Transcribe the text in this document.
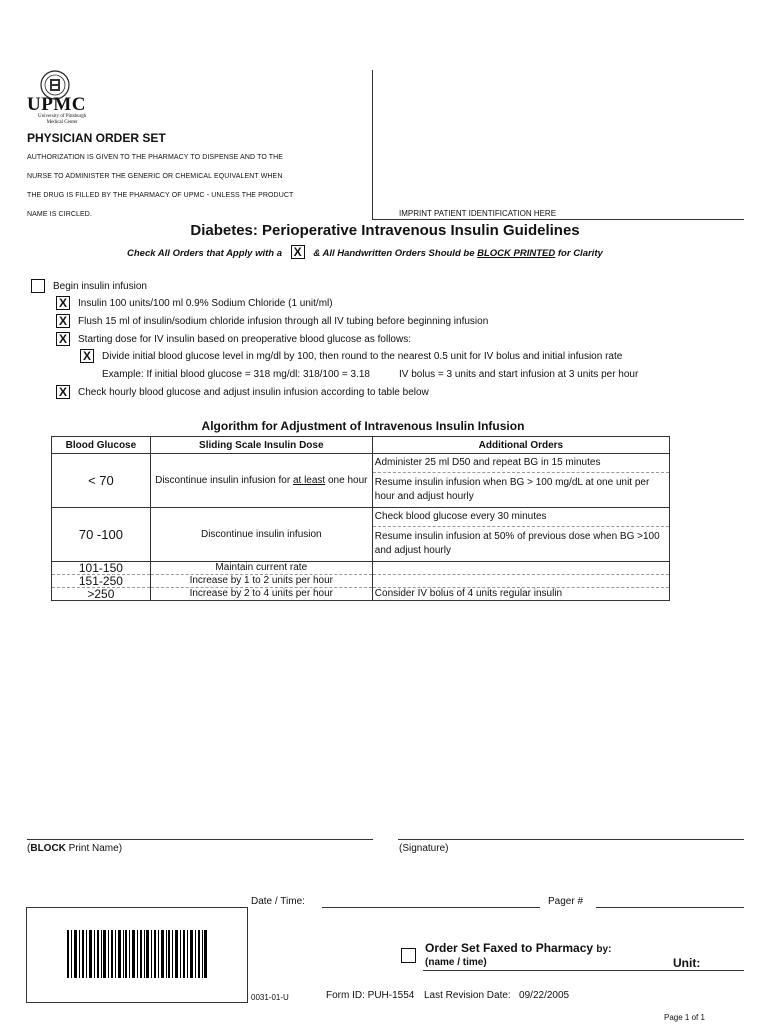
UPMC
University of Pittsburgh
Medical Center
PHYSICIAN ORDER SET
AUTHORIZATION IS GIVEN TO THE PHARMACY TO DISPENSE AND TO THE
NURSE TO ADMINISTER THE GENERIC OR CHEMICAL EQUIVALENT WHEN
THE DRUG IS FILLED BY THE PHARMACY OF UPMC - UNLESS THE PRODUCT
NAME IS CIRCLED.	IMPRINT PATIENT IDENTIFICATION HERE
Diabetes: Perioperative Intravenous Insulin Guidelines
Check All Orders that Apply with a X & All Handwritten Orders Should be BLOCK PRINTED for Clarity
Begin insulin infusion
X	Insulin 100 units/100 ml 0.9% Sodium Chloride (1 unit/ml)
X	Flush 15 ml of insulin/sodium chloride infusion through all IV tubing before beginning infusion
X	Starting dose for IV insulin based on preoperative blood glucose as follows:
X	Divide initial blood glucose level in mg/dl by 100, then round to the nearest 0.5 unit for IV bolus and initial infusion rate
Example: If initial blood glucose = 318 mg/dl: 318/100 = 3.18	IV bolus = 3 units and start infusion at 3 units per hour
X	Check hourly blood glucose and adjust insulin infusion according to table below
Algorithm for Adjustment of Intravenous Insulin Infusion
Blood Glucose	Sliding Scale Insulin Dose	Additional Orders
< 70	Discontinue insulin infusion for at least one hour	Administer 25 ml D50 and repeat BG in 15 minutes
Resume insulin infusion when BG > 100 mg/dL at one unit per hour and adjust hourly

70 -100	Discontinue insulin infusion	Check blood glucose every 30 minutes
Resume insulin infusion at 50% of previous dose when BG >100 and adjust hourly

101-150	Maintain current rate	
151-250	Increase by 1 to 2 units per hour	
>250	Increase by 2 to 4 units per hour	Consider IV bolus of 4 units regular insulin
(BLOCK Print Name)	(Signature)
Date / Time:	Pager #
Order Set Faxed to Pharmacy by:
(name / time)	Unit:
0031-01-U	Form ID: PUH-1554 Last Revision Date:   09/22/2005
Page 1 of 1
